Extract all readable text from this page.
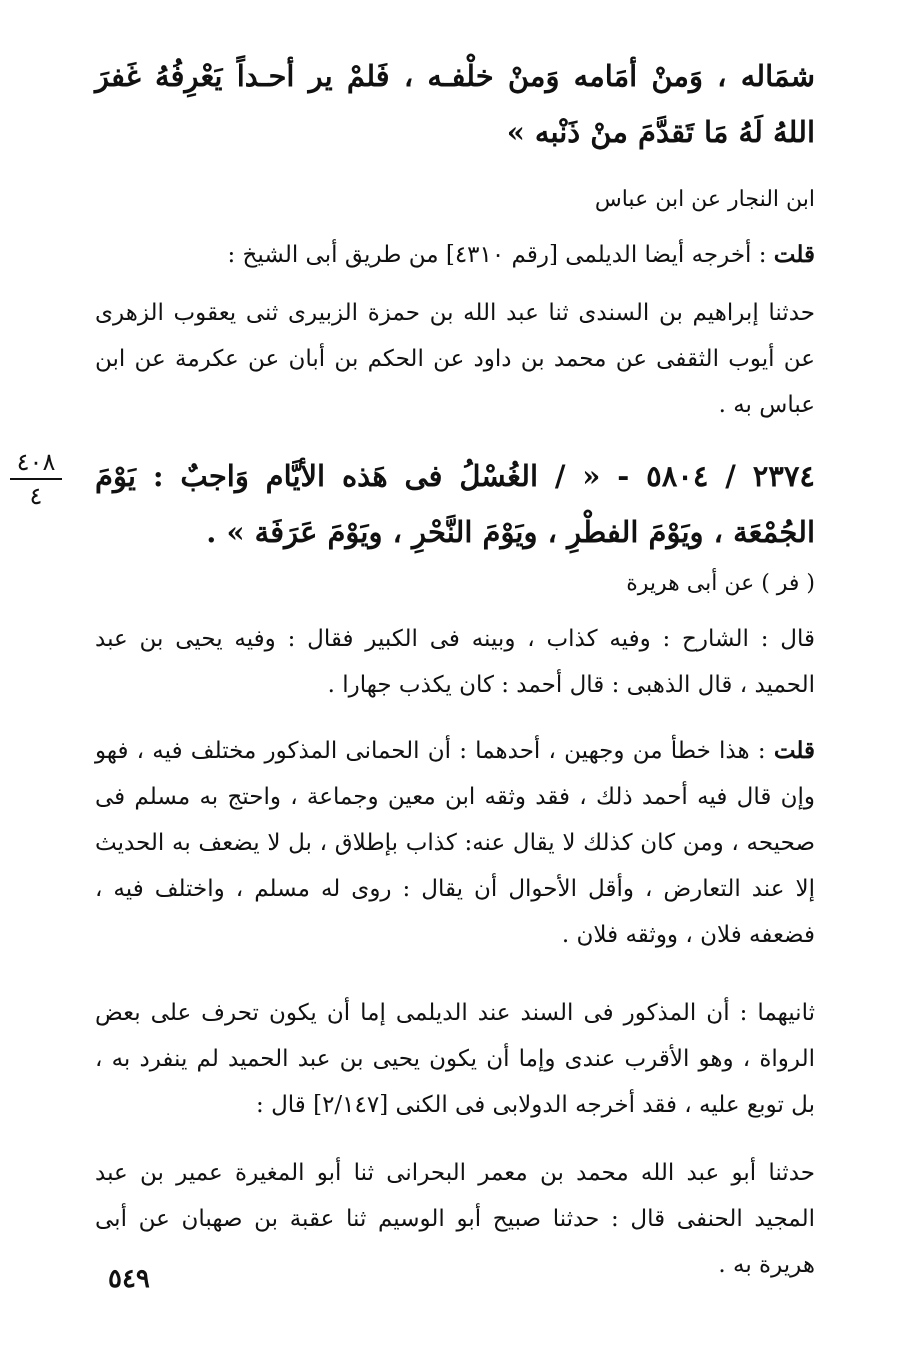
شمَاله ، وَمنْ أمَامه وَمنْ خلْفـه ، فَلمْ ير أحـداً يَعْرِفُهُ غَفرَ اللهُ لَهُ مَا تَقدَّمَ منْ ذَنْبه »

ابن النجار عن ابن عباس

قلت : أخرجه أيضا الديلمى [رقم ٤٣١٠] من طريق أبى الشيخ :

حدثنا إبراهيم بن السندى ثنا عبد الله بن حمزة الزبيرى ثنى يعقوب الزهرى عن أيوب الثقفى عن محمد بن داود عن الحكم بن أبان عن عكرمة عن ابن عباس به .

٤٠٨
٤

٢٣٧٤ / ٥٨٠٤ - « / الغُسْلُ فى هَذه الأيَّام وَاجبٌ : يَوْمَ الجُمْعَة ، ويَوْمَ الفطْرِ ، ويَوْمَ النَّحْرِ ، ويَوْمَ عَرَفَة » .

( فر ) عن أبى هريرة

قال : الشارح : وفيه كذاب ، وبينه فى الكبير فقال : وفيه يحيى بن عبد الحميد ، قال الذهبى : قال أحمد : كان يكذب جهارا .

قلت : هذا خطأ من وجهين ، أحدهما : أن الحمانى المذكور مختلف فيه ، فهو وإن قال فيه أحمد ذلك ، فقد وثقه ابن معين وجماعة ، واحتج به مسلم فى صحيحه ، ومن كان كذلك لا يقال عنه: كذاب بإطلاق ، بل لا يضعف به الحديث إلا عند التعارض ، وأقل الأحوال أن يقال : روى له مسلم ، واختلف فيه ، فضعفه فلان ، ووثقه فلان .

ثانيهما : أن المذكور فى السند عند الديلمى إما أن يكون تحرف على بعض الرواة ، وهو الأقرب عندى وإما أن يكون يحيى بن عبد الحميد لم ينفرد به ، بل توبع عليه ، فقد أخرجه الدولابى فى الكنى [٢/١٤٧] قال :

حدثنا أبو عبد الله محمد بن معمر البحرانى ثنا أبو المغيرة عمير بن عبد المجيد الحنفى قال : حدثنا صبيح أبو الوسيم ثنا عقبة بن صهبان عن أبى هريرة به .

٥٤٩
